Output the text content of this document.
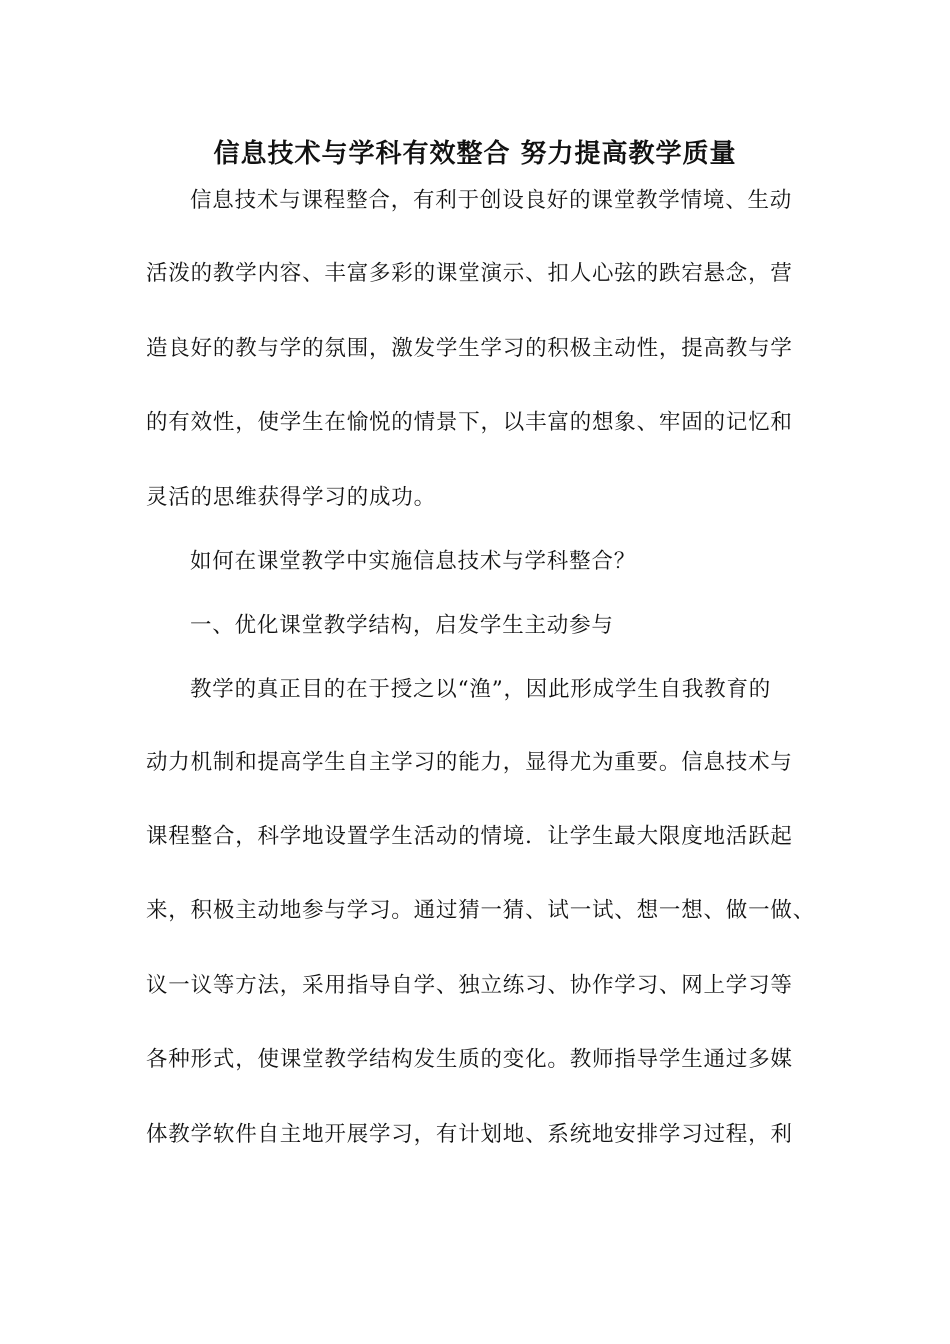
信息技术与学科有效整合 努力提高教学质量
信息技术与课程整合，有利于创设良好的课堂教学情境、生动
活泼的教学内容、丰富多彩的课堂演示、扣人心弦的跌宕悬念，营
造良好的教与学的氛围，激发学生学习的积极主动性，提高教与学
的有效性，使学生在愉悦的情景下，以丰富的想象、牢固的记忆和
灵活的思维获得学习的成功。
如何在课堂教学中实施信息技术与学科整合？
一、优化课堂教学结构，启发学生主动参与
教学的真正目的在于授之以“渔”，因此形成学生自我教育的
动力机制和提高学生自主学习的能力，显得尤为重要。信息技术与
课程整合，科学地设置学生活动的情境．让学生最大限度地活跃起
来，积极主动地参与学习。通过猜一猜、试一试、想一想、做一做、
议一议等方法，采用指导自学、独立练习、协作学习、网上学习等
各种形式，使课堂教学结构发生质的变化。教师指导学生通过多媒
体教学软件自主地开展学习，有计划地、系统地安排学习过程，利
